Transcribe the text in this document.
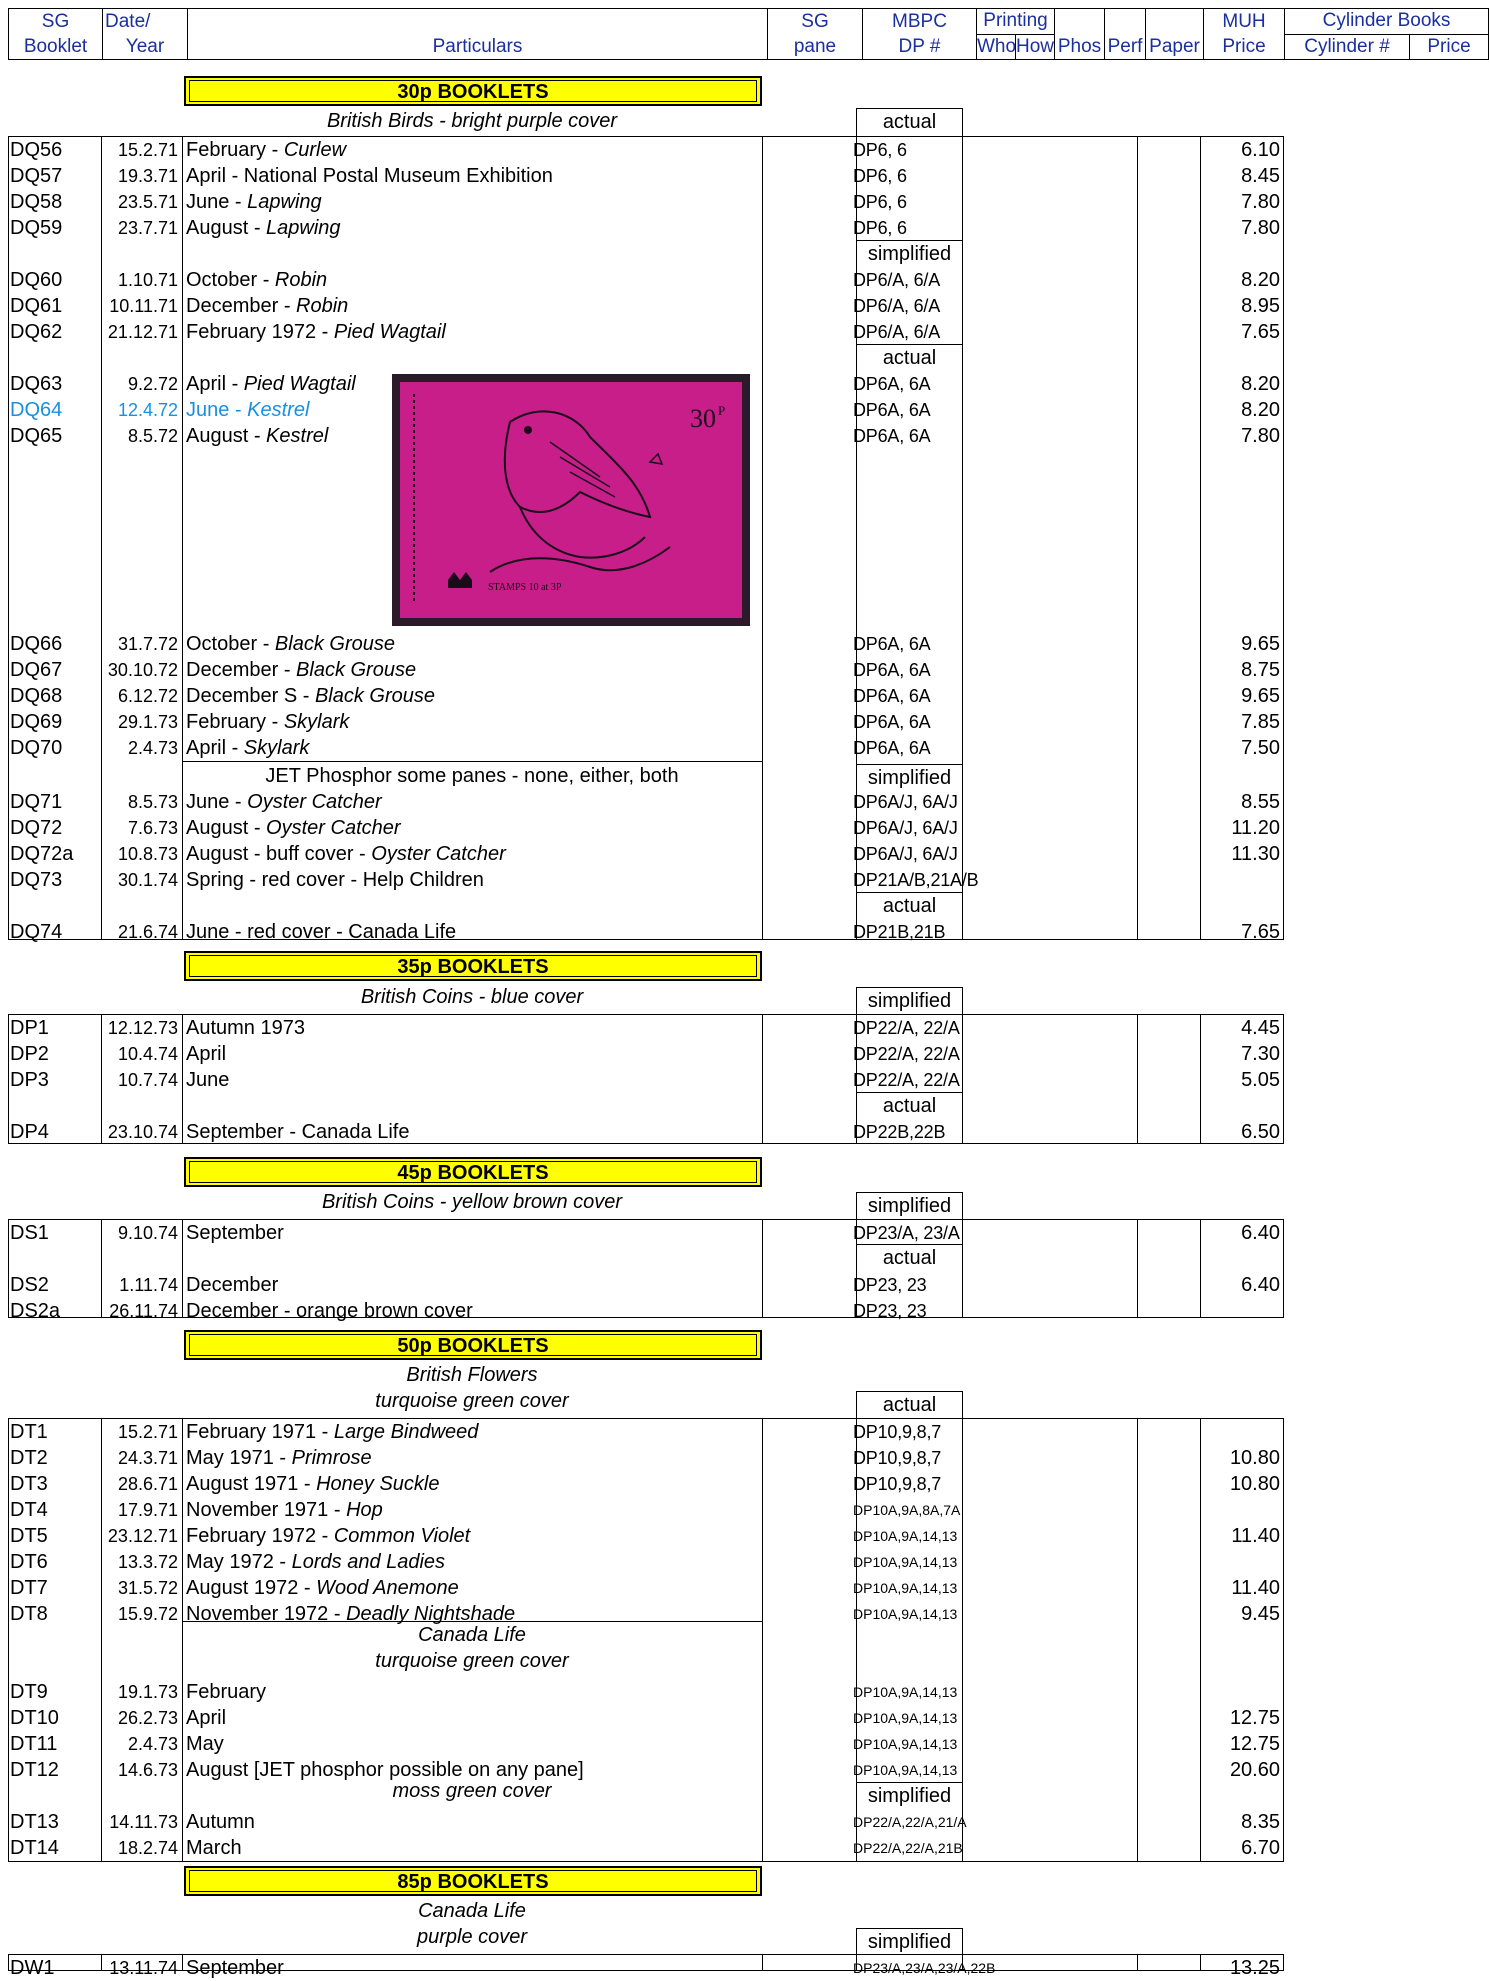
SG	Date/		SG	MBPC	Printing					MUH	Cylinder Books	
Booklet	Year	Particulars	pane	DP #	Who	How	Phos	Perf	Paper	Price	Cylinder #	Price
30p BOOKLETS
35p BOOKLETS
45p BOOKLETS
50p BOOKLETS
85p BOOKLETS
British Birds - bright purple cover
JET Phosphor some panes - none, either, both
British Coins - blue cover
British Coins - yellow brown cover
British Flowers
turquoise green cover
Canada Life
turquoise green cover
moss green cover
Canada Life
purple cover
actual
simplified
actual
simplified
actual
simplified
actual
simplified
actual
actual
simplified
simplified
30 P
STAMPS 10 at 3P
DQ56	15.2.71 February - Curlew	DP6, 6	6.10
DQ57	19.3.71 April - National Postal Museum Exhibition	DP6, 6	8.45
DQ58	23.5.71 June - Lapwing	DP6, 6	7.80
DQ59	23.7.71 August - Lapwing	DP6, 6	7.80
DQ60	1.10.71 October - Robin	DP6/A, 6/A	8.20
DQ61	10.11.71 December - Robin	DP6/A, 6/A	8.95
DQ62	21.12.71 February 1972 - Pied Wagtail	DP6/A, 6/A	7.65
DQ63	9.2.72 April - Pied Wagtail	DP6A, 6A	8.20
DQ64	12.4.72 June - Kestrel	DP6A, 6A	8.20
DQ65	8.5.72 August - Kestrel	DP6A, 6A	7.80
DQ66	31.7.72 October - Black Grouse	DP6A, 6A	9.65
DQ67	30.10.72 December - Black Grouse	DP6A, 6A	8.75
DQ68	6.12.72 December S - Black Grouse	DP6A, 6A	9.65
DQ69	29.1.73 February - Skylark	DP6A, 6A	7.85
DQ70	2.4.73 April - Skylark	DP6A, 6A	7.50
DQ71	8.5.73 June - Oyster Catcher	DP6A/J, 6A/J	8.55
DQ72	7.6.73 August - Oyster Catcher	DP6A/J, 6A/J	11.20
DQ72a	10.8.73 August - buff cover - Oyster Catcher	DP6A/J, 6A/J	11.30
DQ73	30.1.74 Spring - red cover - Help Children	DP21A/B,21A/B
DQ74	21.6.74 June - red cover - Canada Life	DP21B,21B	7.65
DP1	12.12.73 Autumn 1973	DP22/A, 22/A	4.45
DP2	10.4.74 April	DP22/A, 22/A	7.30
DP3	10.7.74 June	DP22/A, 22/A	5.05
DP4	23.10.74 September - Canada Life	DP22B,22B	6.50
DS1	9.10.74 September	DP23/A, 23/A	6.40
DS2	1.11.74 December	DP23, 23	6.40
DS2a	26.11.74 December - orange brown cover	DP23, 23
DT1	15.2.71 February 1971 - Large Bindweed	DP10,9,8,7
DT2	24.3.71 May 1971 - Primrose	DP10,9,8,7	10.80
DT3	28.6.71 August 1971 - Honey Suckle	DP10,9,8,7	10.80
DT4	17.9.71 November 1971 - Hop	DP10A,9A,8A,7A
DT5	23.12.71 February 1972 - Common Violet	DP10A,9A,14,13	11.40
DT6	13.3.72 May 1972 - Lords and Ladies	DP10A,9A,14,13
DT7	31.5.72 August 1972 - Wood Anemone	DP10A,9A,14,13	11.40
DT8	15.9.72 November 1972 - Deadly Nightshade	DP10A,9A,14,13	9.45
DT9	19.1.73 February	DP10A,9A,14,13
DT10	26.2.73 April	DP10A,9A,14,13	12.75
DT11	2.4.73 May	DP10A,9A,14,13	12.75
DT12	14.6.73 August [JET phosphor possible on any pane]	DP10A,9A,14,13	20.60
DT13	14.11.73 Autumn	DP22/A,22/A,21/A	8.35
DT14	18.2.74 March	DP22/A,22/A,21B	6.70
DW1	13.11.74 September	DP23/A,23/A,23/A,22B	13.25
